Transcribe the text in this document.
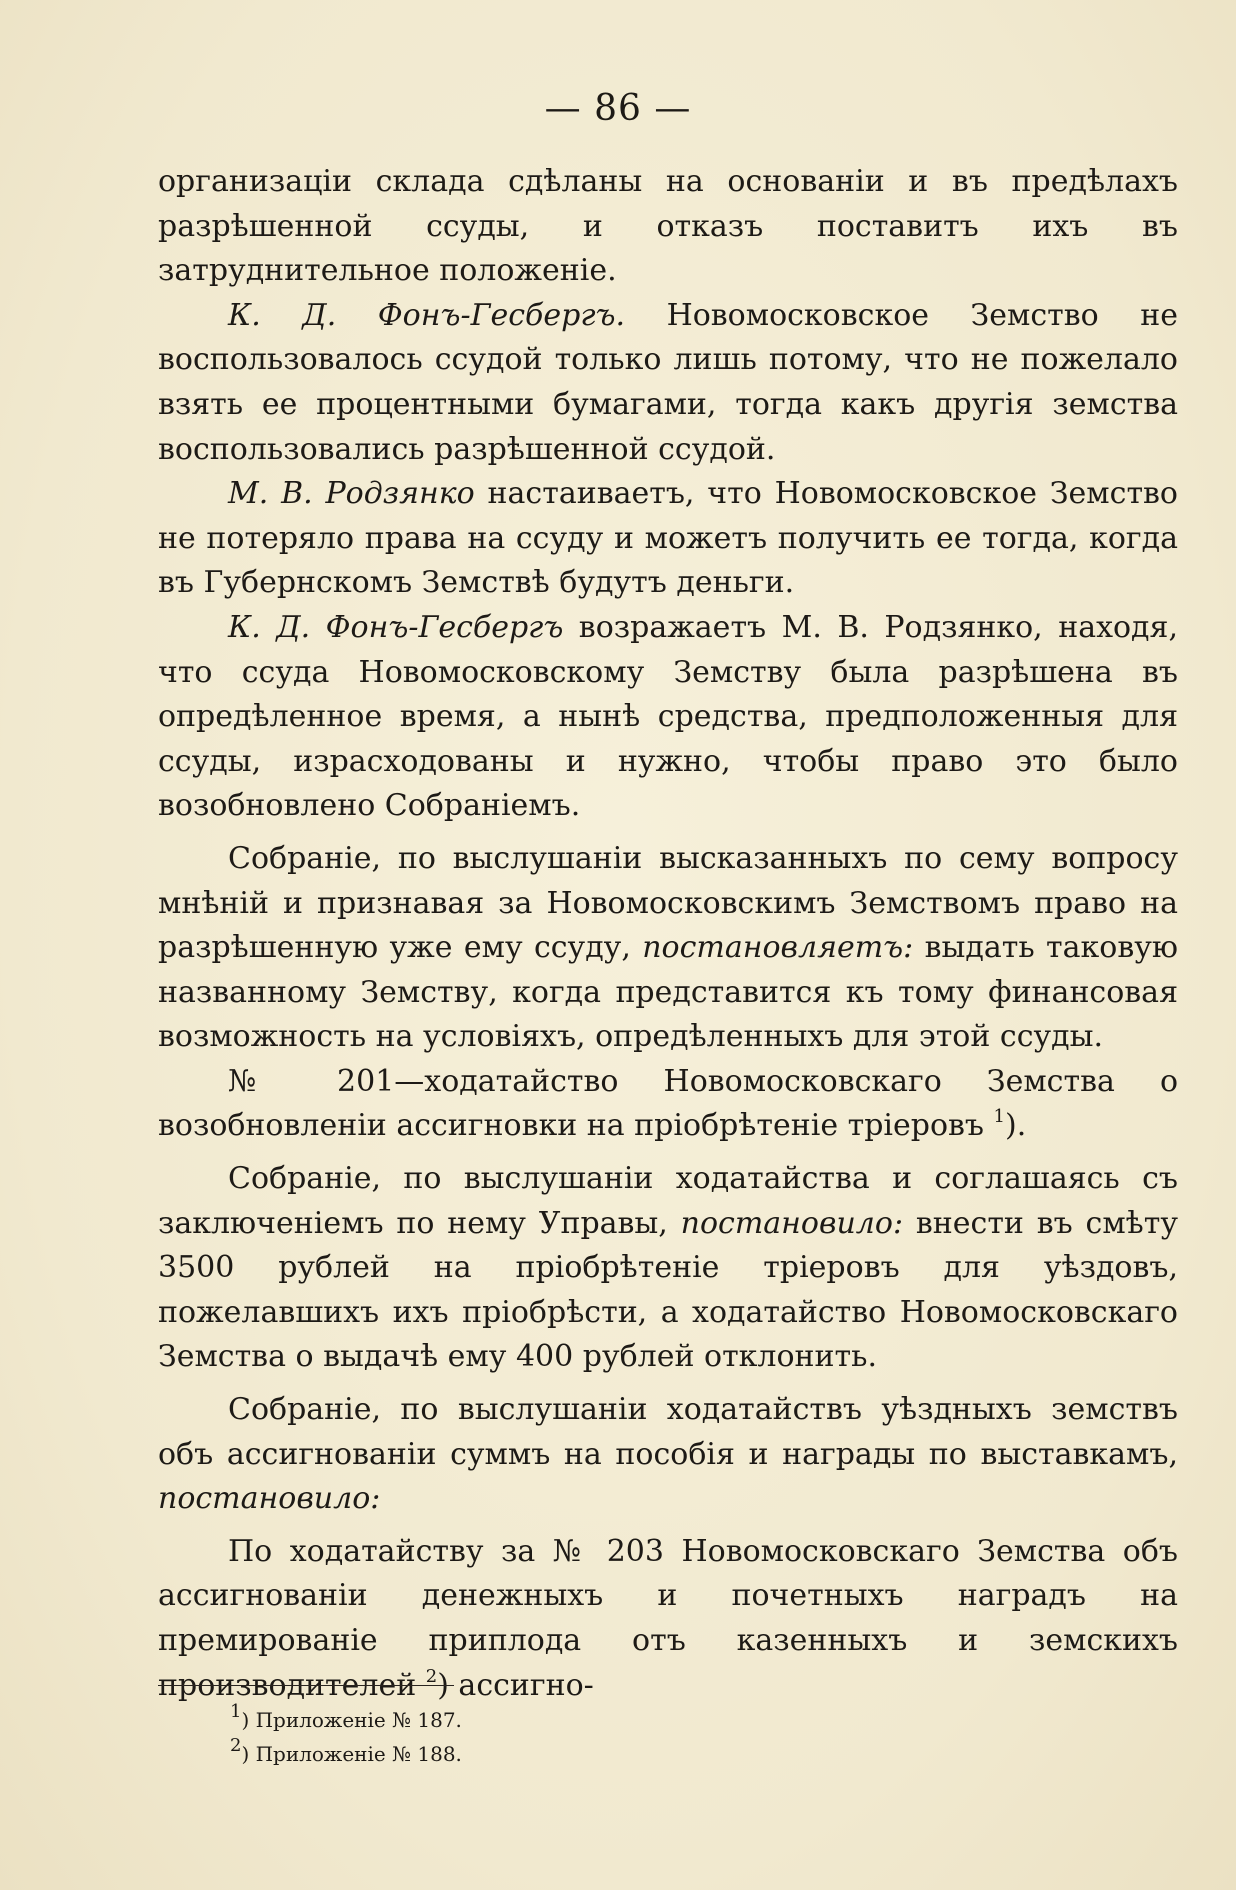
— 86 —

организаціи склада сдѣланы на основаніи и въ предѣлахъ разрѣшенной ссуды, и отказъ поставитъ ихъ въ затруднительное положеніе.

К. Д. Фонъ-Гесбергъ. Новомосковское Земство не воспользовалось ссудой только лишь потому, что не пожелало взять ее процентными бумагами, тогда какъ другія земства воспользовались разрѣшенной ссудой.

М. В. Родзянко настаиваетъ, что Новомосковское Земство не потеряло права на ссуду и можетъ получить ее тогда, когда въ Губернскомъ Земствѣ будутъ деньги.

К. Д. Фонъ-Гесбергъ возражаетъ М. В. Родзянко, находя, что ссуда Новомосковскому Земству была разрѣшена въ опредѣленное время, а нынѣ средства, предположенныя для ссуды, израсходованы и нужно, чтобы право это было возобновлено Собраніемъ.

Собраніе, по выслушаніи высказанныхъ по сему вопросу мнѣній и признавая за Новомосковскимъ Земствомъ право на разрѣшенную уже ему ссуду, постановляетъ: выдать таковую названному Земству, когда представится къ тому финансовая возможность на условіяхъ, опредѣленныхъ для этой ссуды.

№ 201—ходатайство Новомосковскаго Земства о возобновленіи ассигновки на пріобрѣтеніе тріеровъ $^1$).

Собраніе, по выслушаніи ходатайства и соглашаясь съ заключеніемъ по нему Управы, постановило: внести въ смѣту 3500 рублей на пріобрѣтеніе тріеровъ для уѣздовъ, пожелавшихъ ихъ пріобрѣсти, а ходатайство Новомосковскаго Земства о выдачѣ ему 400 рублей отклонить.

Собраніе, по выслушаніи ходатайствъ уѣздныхъ земствъ объ ассигнованіи суммъ на пособія и награды по выставкамъ, постановило:

По ходатайству за № 203 Новомосковскаго Земства объ ассигнованіи денежныхъ и почетныхъ наградъ на премированіе приплода отъ казенныхъ и земскихъ производителей $^2$) ассигно-

$^1$) Приложеніе № 187.
$^2$) Приложеніе № 188.
